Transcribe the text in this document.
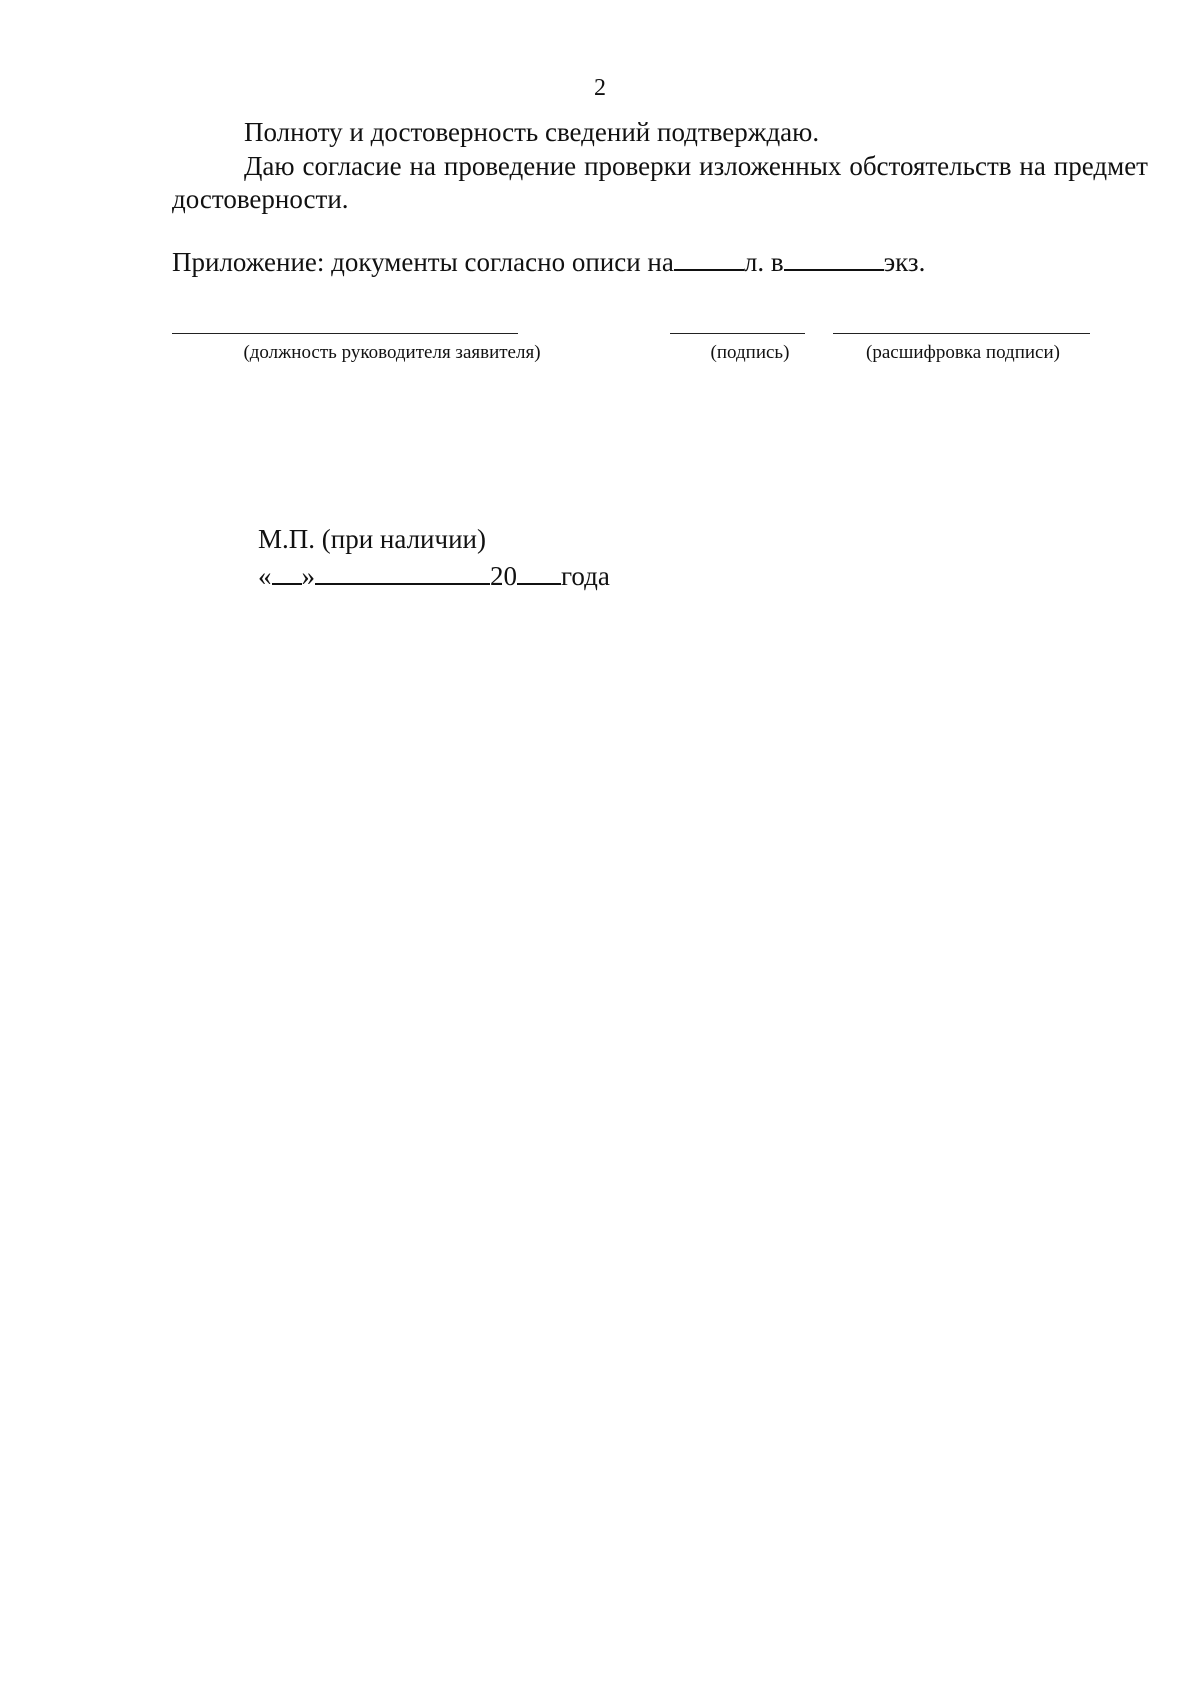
2
Полноту и достоверность сведений подтверждаю.
Даю согласие на проведение проверки изложенных обстоятельств на предмет достоверности.
Приложение: документы согласно описи на	л. в	экз.
(должность руководителя заявителя)	(подпись)	(расшифровка подписи)
М.П. (при наличии)
« »	20 года
